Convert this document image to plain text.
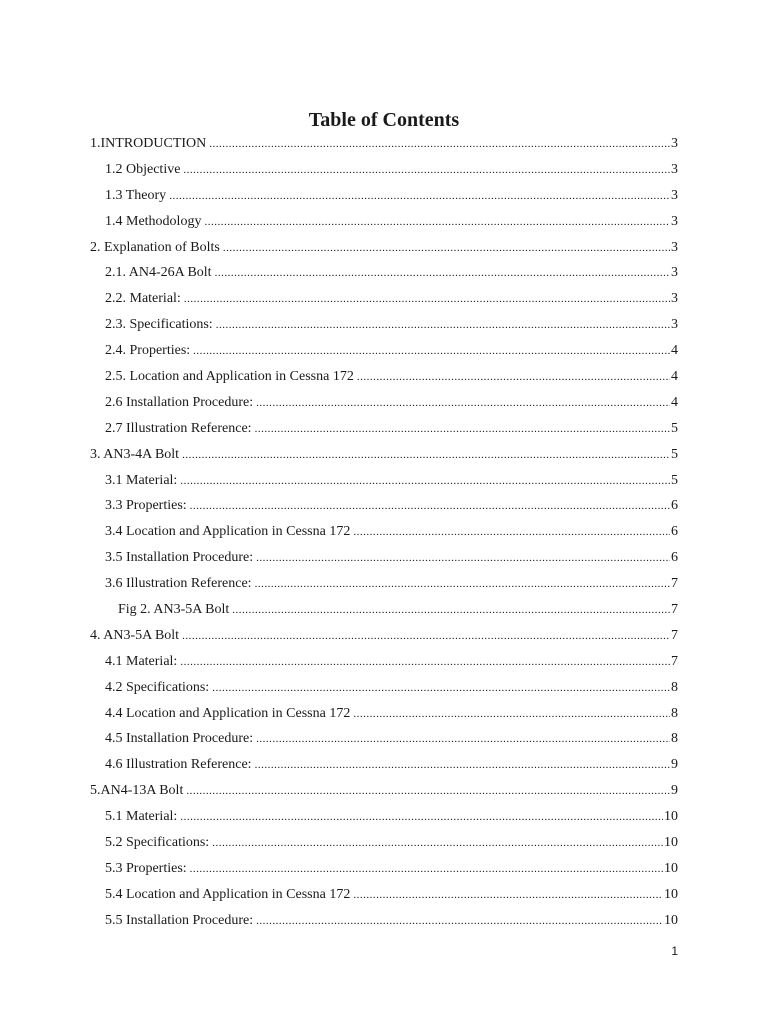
Table of Contents
1.INTRODUCTION .....	3
1.2 Objective .....	3
1.3 Theory .....	3
1.4 Methodology .....	3
2. Explanation of Bolts .....	3
2.1. AN4-26A Bolt .....	3
2.2. Material: .....	3
2.3. Specifications: .....	3
2.4. Properties: .....	4
2.5. Location and Application in Cessna 172 .....	4
2.6 Installation Procedure: .....	4
2.7 Illustration Reference: .....	5
3. AN3-4A Bolt .....	5
3.1 Material: .....	5
3.3 Properties: .....	6
3.4 Location and Application in Cessna 172 .....	6
3.5 Installation Procedure: .....	6
3.6 Illustration Reference: .....	7
Fig 2. AN3-5A Bolt .....	7
4. AN3-5A Bolt .....	7
4.1 Material: .....	7
4.2 Specifications: .....	8
4.4 Location and Application in Cessna 172 .....	8
4.5 Installation Procedure: .....	8
4.6 Illustration Reference: .....	9
5.AN4-13A Bolt .....	9
5.1 Material: .....	10
5.2 Specifications: .....	10
5.3 Properties: .....	10
5.4 Location and Application in Cessna 172 .....	10
5.5 Installation Procedure: .....	10
1
